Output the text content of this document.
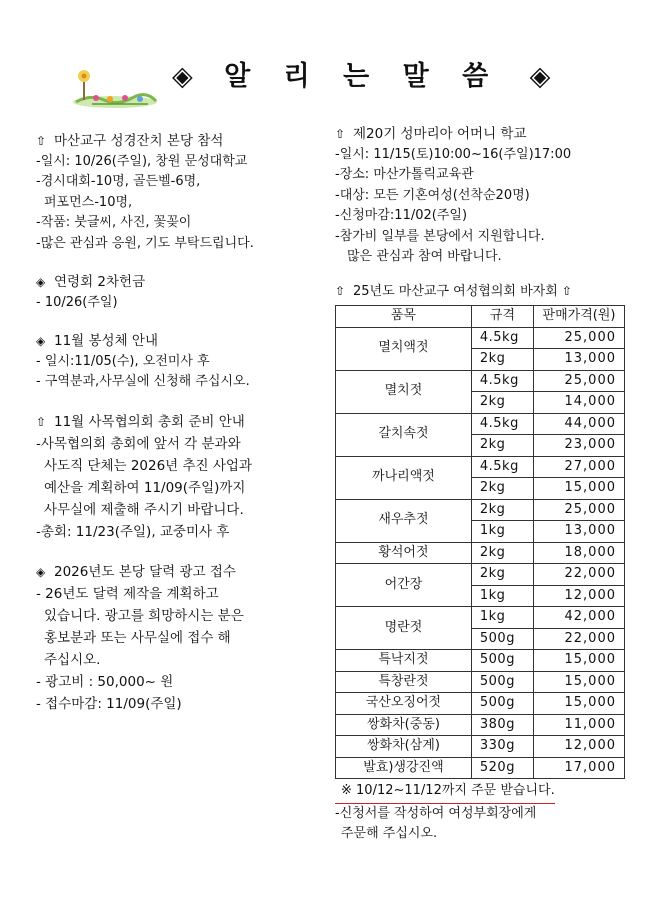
◈ 알 리 는 말 씀 ◈
⇧ 마산교구 성경잔치 본당 참석
-일시: 10/26(주일), 창원 문성대학교
-경시대회-10명, 골든벨-6명,
퍼포먼스-10명,
-작품: 붓글씨, 사진, 꽃꽂이
-많은 관심과 응원, 기도 부탁드립니다.
◈ 연령회 2차헌금
- 10/26(주일)
◈ 11월 봉성체 안내
- 일시:11/05(수), 오전미사 후
- 구역분과,사무실에 신청해 주십시오.
⇧ 11월 사목협의회 총회 준비 안내
-사목협의회 총회에 앞서 각 분과와
사도직 단체는 2026년 추진 사업과
예산을 계획하여 11/09(주일)까지
사무실에 제출해 주시기 바랍니다.
-총회: 11/23(주일), 교중미사 후
◈ 2026년도 본당 달력 광고 접수
- 26년도 달력 제작을 계획하고
있습니다. 광고를 희망하시는 분은
홍보분과 또는 사무실에 접수 해
주십시오.
- 광고비 : 50,000~ 원
- 접수마감: 11/09(주일)
⇧ 제20기 성마리아 어머니 학교
-일시: 11/15(토)10:00~16(주일)17:00
-장소: 마산가톨릭교육관
-대상: 모든 기혼여성(선착순20명)
-신청마감:11/02(주일)
-참가비 일부를 본당에서 지원합니다.
많은 관심과 참여 바랍니다.
⇧ 25년도 마산교구 여성협의회 바자회 ⇧
품목	규격	판매가격(원)
멸치액젓	4.5kg	25,000
	2kg	13,000
멸치젓	4.5kg	25,000
	2kg	14,000
갈치속젓	4.5kg	44,000
	2kg	23,000
까나리액젓	4.5kg	27,000
	2kg	15,000
새우추젓	2kg	25,000
	1kg	13,000
황석어젓	2kg	18,000
어간장	2kg	22,000
	1kg	12,000
명란젓	1kg	42,000
	500g	22,000
특낙지젓	500g	15,000
특창란젓	500g	15,000
국산오징어젓	500g	15,000
쌍화차(중동)	380g	11,000
쌍화차(삼계)	330g	12,000
발효)생강진액	520g	17,000
※ 10/12~11/12까지 주문 받습니다.
-신청서를 작성하여 여성부회장에게
주문해 주십시오.
